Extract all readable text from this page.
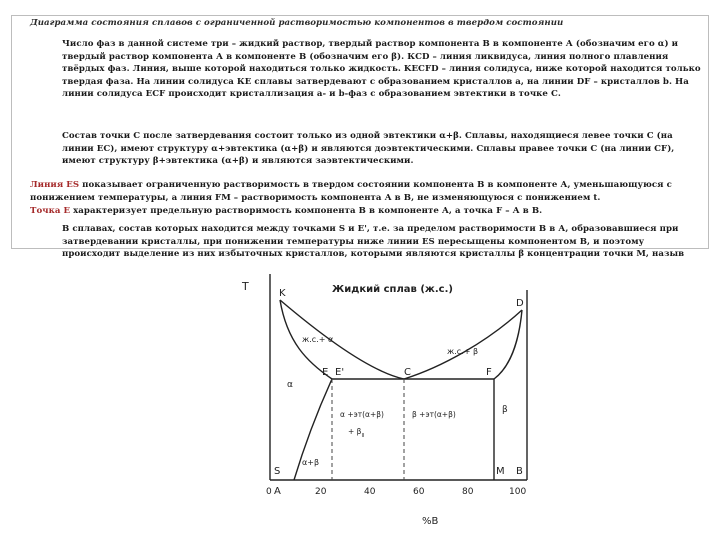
Диаграмма состояния сплавов с ограниченной растворимостью компонентов в твердом состоянии

Число фаз в данной системе три – жидкий раствор, твердый раствор компонента В в компоненте А (обозначим его α) и твердый раствор компонента А в компоненте В (обозначим его β). КCD – линия ликвидуса, линия полного плавления твёрдых фаз. Линия, выше которой находиться только жидкость. KECFD – линия солидуса, ниже которой находится только твердая фаза. На линии солидуса КЕ сплавы затвердевают с образованием кристаллов а, на линии DF – кристаллов b. На линии солидуса ECF происходит кристаллизация а- и b-фаз с образованием эвтектики в точке С.

Состав точки С после затвердевания состоит только из одной эвтектики α+β. Сплавы, находящиеся левее точки С (на линии ЕС), имеют структуру α+эвтектика (α+β) и являются доэвтектическими. Сплавы правее точки С (на линии CF), имеют структуру β+эвтектика (α+β) и являются заэвтектическими.

Линия ES показывает ограниченную растворимость в твердом состоянии компонента В в компоненте А, уменьшающуюся с понижением температуры, а линия FM – растворимость компонента А в В, не изменяющуюся с понижением t.

Точка E характеризует предельную растворимость компонента В в компоненте А, а точка F – А в В.

В сплавах, состав которых находится между точками S и E', т.е. за пределом растворимости В в А, образовавшиеся при затвердевании кристаллы, при понижении температуры ниже линии ES пересыщены компонентом В, и поэтому происходит выделение из них избыточных кристаллов, которыми являются кристаллы β концентрации точки М, назыв

T	Жидкий сплав (ж.с.)
K
D
E E'	C	F
S
A
M B
ж.с.+ α
ж.с.+ β
α
α+β
α +эт(α+β)
+ $\beta_{II}$
β +эт(α+β)	β
0	20	40	60	80	100
%B
